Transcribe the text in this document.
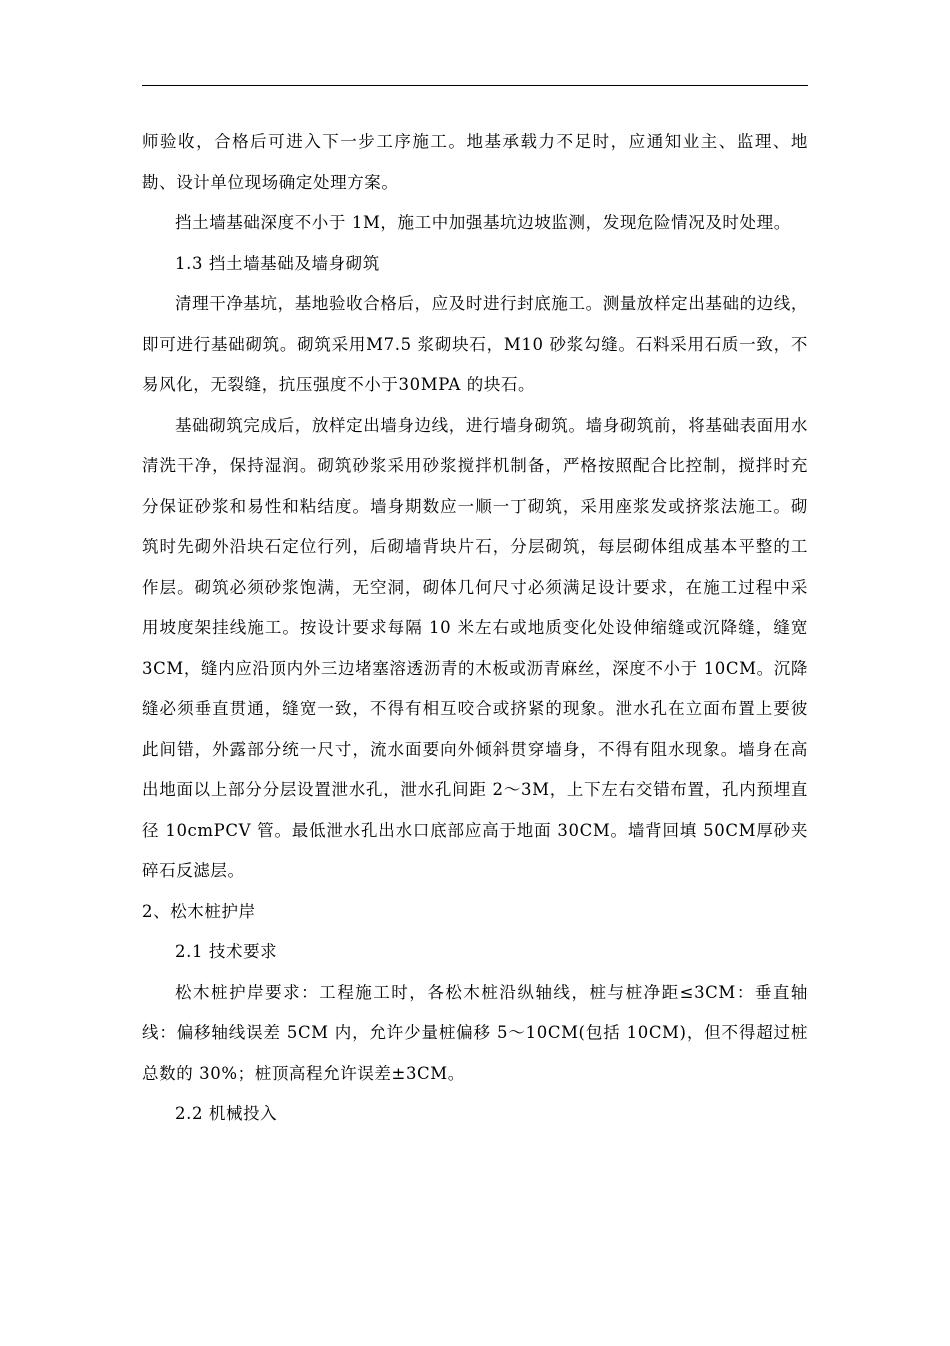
师验收，合格后可进入下一步工序施工。地基承载力不足时，应通知业主、监理、地勘、设计单位现场确定处理方案。

挡土墙基础深度不小于 1M，施工中加强基坑边坡监测，发现危险情况及时处理。

1.3 挡土墙基础及墙身砌筑

清理干净基坑，基地验收合格后，应及时进行封底施工。测量放样定出基础的边线，即可进行基础砌筑。砌筑采用M7.5 浆砌块石，M10 砂浆勾缝。石料采用石质一致，不易风化，无裂缝，抗压强度不小于30MPA 的块石。

基础砌筑完成后，放样定出墙身边线，进行墙身砌筑。墙身砌筑前，将基础表面用水清洗干净，保持湿润。砌筑砂浆采用砂浆搅拌机制备，严格按照配合比控制，搅拌时充分保证砂浆和易性和粘结度。墙身期数应一顺一丁砌筑，采用座浆发或挤浆法施工。砌筑时先砌外沿块石定位行列，后砌墙背块片石，分层砌筑，每层砌体组成基本平整的工作层。砌筑必须砂浆饱满，无空洞，砌体几何尺寸必须满足设计要求，在施工过程中采用坡度架挂线施工。按设计要求每隔 10 米左右或地质变化处设伸缩缝或沉降缝，缝宽3CM，缝内应沿顶内外三边堵塞溶透沥青的木板或沥青麻丝，深度不小于 10CM。沉降缝必须垂直贯通，缝宽一致，不得有相互咬合或挤紧的现象。泄水孔在立面布置上要彼此间错，外露部分统一尺寸，流水面要向外倾斜贯穿墙身，不得有阻水现象。墙身在高出地面以上部分分层设置泄水孔，泄水孔间距 2～3M，上下左右交错布置，孔内预埋直径 10cmPCV 管。最低泄水孔出水口底部应高于地面 30CM。墙背回填 50CM厚砂夹碎石反滤层。

2、松木桩护岸

2.1 技术要求

松木桩护岸要求：工程施工时，各松木桩沿纵轴线，桩与桩净距≤3CM：垂直轴线：偏移轴线误差 5CM 内，允许少量桩偏移 5～10CM(包括 10CM)，但不得超过桩总数的 30%；桩顶高程允许误差±3CM。

2.2 机械投入
